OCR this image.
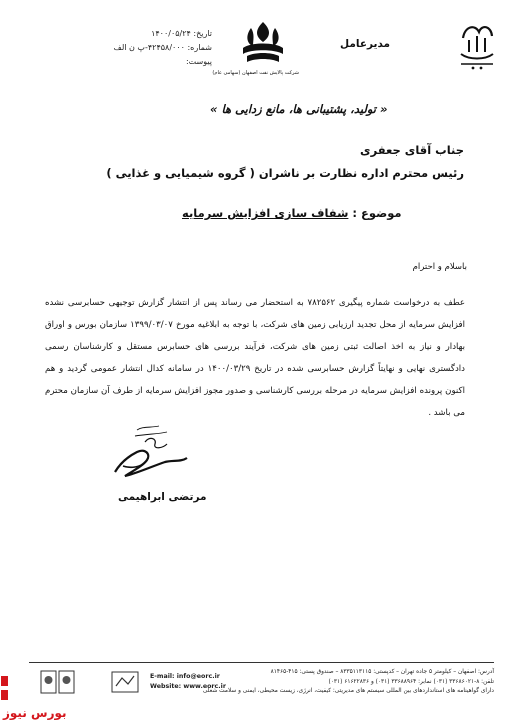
مدیرعامل
شرکت پالایش نفت اصفهان (سهامی عام)
تاریخ: ۱۴۰۰/۰۵/۲۴
شماره: ۴۲۴۵۸/۰۰۰-پ ن الف
پیوست:
« تولید، پشتیبانی ها، مانع زدایی ها »
جناب آقای جعفری
رئیس محترم اداره نظارت بر ناشران ( گروه شیمیایی و غذایی )
موضوع : شفاف سازی افزایش سرمایه
باسلام و احترام

عطف به درخواست شماره پیگیری ۷۸۲۵۶۲ به استحضار می رساند پس از انتشار گزارش توجیهی حسابرسی نشده افزایش سرمایه از محل تجدید ارزیابی زمین های شرکت، با توجه به ابلاغیه مورخ ۱۳۹۹/۰۳/۰۷ سازمان بورس و اوراق بهادار و نیاز به اخذ اصالت ثبتی زمین های شرکت، فرآیند بررسی های حسابرس مستقل و کارشناسان رسمی دادگستری نهایی و نهایتاً گزارش حسابرسی شده در تاریخ ۱۴۰۰/۰۳/۲۹ در سامانه کدال انتشار عمومی گردید و هم اکنون پرونده افزایش سرمایه در مرحله بررسی کارشناسی و صدور مجوز افزایش سرمایه از طرف آن سازمان محترم می باشد .

مرتضی ابراهیمی
آدرس: اصفهان – کیلومتر ۵ جاده تهران – کدپستی: ۸۳۳۵۱۱۳۱۱۵ – صندوق پستی: ۴۱۵-۸۱۴۶۵
تلفن: ۸-۳۳۶۸۶۰۲۱ (۰۳۱) نمابر: ۳۳۶۸۸۹۶۴ (۰۳۱) و ۶۱۶۲۲۸۳۶ (۰۳۱)
دارای گواهینامه های استانداردهای بین المللی سیستم های مدیریتی: کیفیت، انرژی، زیست محیطی، ایمنی و سلامت شغلی
E-mail: info@eorc.ir
Website: www.eorc.ir
بورس نیوز
